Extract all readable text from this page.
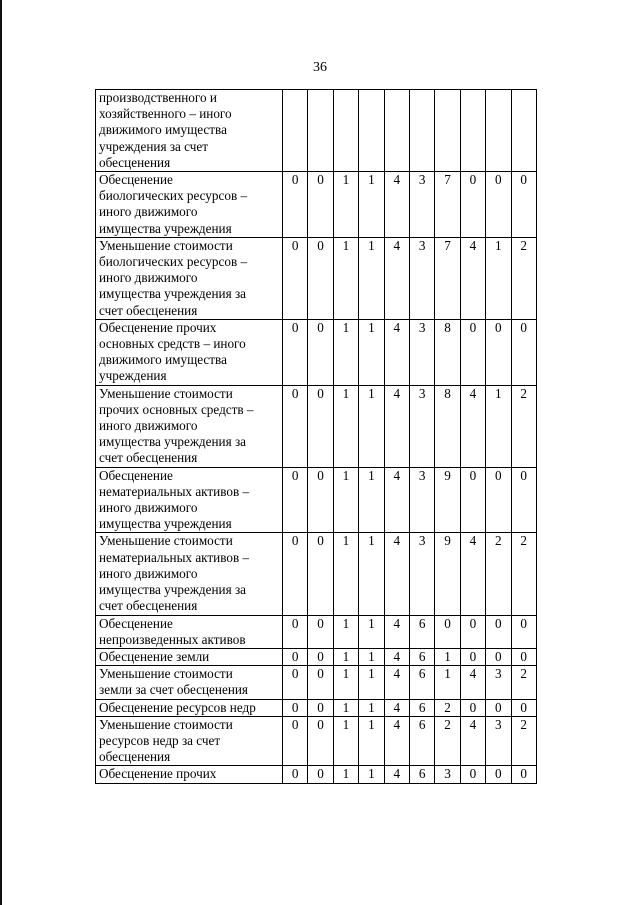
36
производственного и
хозяйственного – иного
движимого имущества
учреждения за счет
обесценения										
Обесценение
биологических ресурсов –
иного движимого
имущества учреждения	0	0	1	1	4	3	7	0	0	0
Уменьшение стоимости
биологических ресурсов –
иного движимого
имущества учреждения за
счет обесценения	0	0	1	1	4	3	7	4	1	2
Обесценение прочих
основных средств – иного
движимого имущества
учреждения	0	0	1	1	4	3	8	0	0	0
Уменьшение стоимости
прочих основных средств –
иного движимого
имущества учреждения за
счет обесценения	0	0	1	1	4	3	8	4	1	2
Обесценение
нематериальных активов –
иного движимого
имущества учреждения	0	0	1	1	4	3	9	0	0	0
Уменьшение стоимости
нематериальных активов –
иного движимого
имущества учреждения за
счет обесценения	0	0	1	1	4	3	9	4	2	2
Обесценение
непроизведенных активов	0	0	1	1	4	6	0	0	0	0
Обесценение земли	0	0	1	1	4	6	1	0	0	0
Уменьшение стоимости
земли за счет обесценения	0	0	1	1	4	6	1	4	3	2
Обесценение ресурсов недр	0	0	1	1	4	6	2	0	0	0
Уменьшение стоимости
ресурсов недр за счет
обесценения	0	0	1	1	4	6	2	4	3	2
Обесценение прочих	0	0	1	1	4	6	3	0	0	0
